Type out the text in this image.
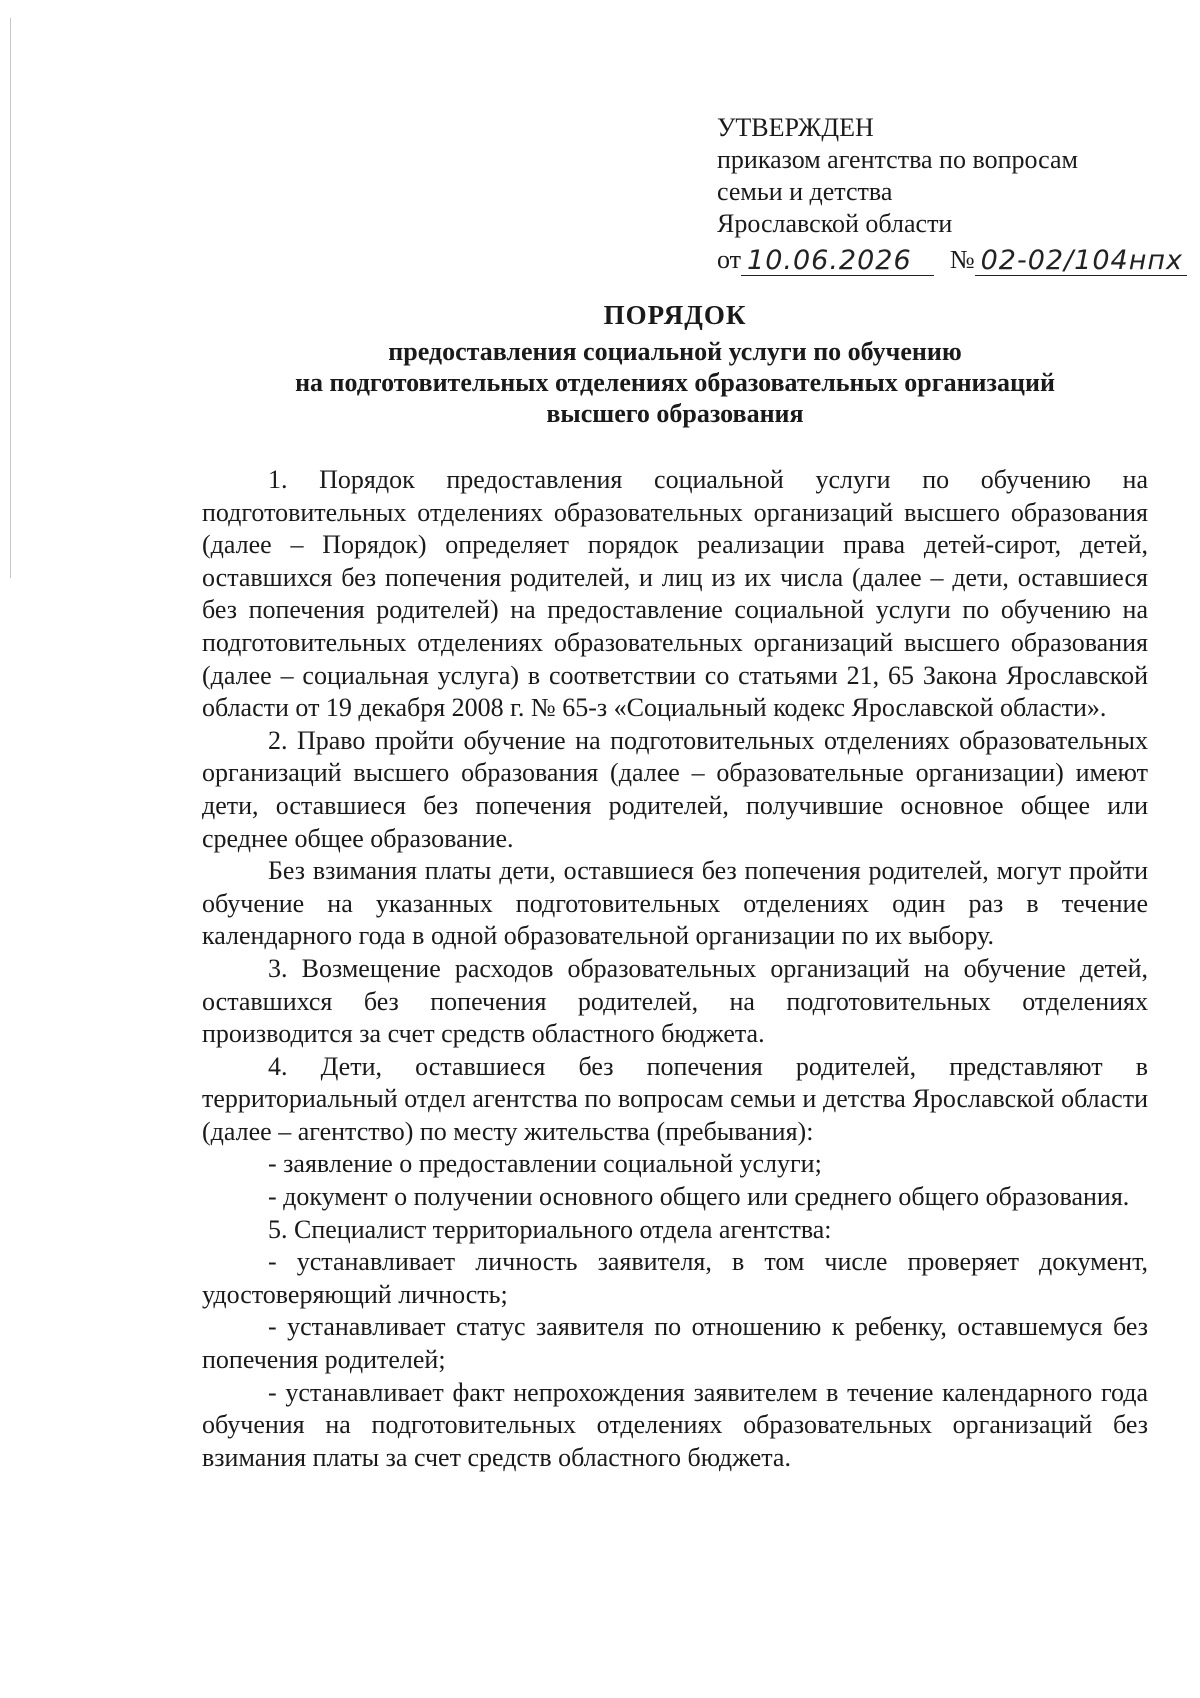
УТВЕРЖДЕН
приказом агентства по вопросам
семьи и детства
Ярославской области
от 10.06.2026	№ 02-02/104нпх
ПОРЯДОК
предоставления социальной услуги по обучению
на подготовительных отделениях образовательных организаций
высшего образования

1. Порядок предоставления социальной услуги по обучению на подготовительных отделениях образовательных организаций высшего образования (далее – Порядок) определяет порядок реализации права детей-сирот, детей, оставшихся без попечения родителей, и лиц из их числа (далее – дети, оставшиеся без попечения родителей) на предоставление социальной услуги по обучению на подготовительных отделениях образовательных организаций высшего образования (далее – социальная услуга) в соответствии со статьями 21, 65 Закона Ярославской области от 19 декабря 2008 г. № 65-з «Социальный кодекс Ярославской области».

2. Право пройти обучение на подготовительных отделениях образовательных организаций высшего образования (далее – образовательные организации) имеют дети, оставшиеся без попечения родителей, получившие основное общее или среднее общее образование.

Без взимания платы дети, оставшиеся без попечения родителей, могут пройти обучение на указанных подготовительных отделениях один раз в течение календарного года в одной образовательной организации по их выбору.

3. Возмещение расходов образовательных организаций на обучение детей, оставшихся без попечения родителей, на подготовительных отделениях производится за счет средств областного бюджета.

4. Дети, оставшиеся без попечения родителей, представляют в территориальный отдел агентства по вопросам семьи и детства Ярославской области (далее – агентство) по месту жительства (пребывания):

- заявление о предоставлении социальной услуги;

- документ о получении основного общего или среднего общего образования.

5. Специалист территориального отдела агентства:

- устанавливает личность заявителя, в том числе проверяет документ, удостоверяющий личность;

- устанавливает статус заявителя по отношению к ребенку, оставшемуся без попечения родителей;

- устанавливает факт непрохождения заявителем в течение календарного года обучения на подготовительных отделениях образовательных организаций без взимания платы за счет средств областного бюджета.
